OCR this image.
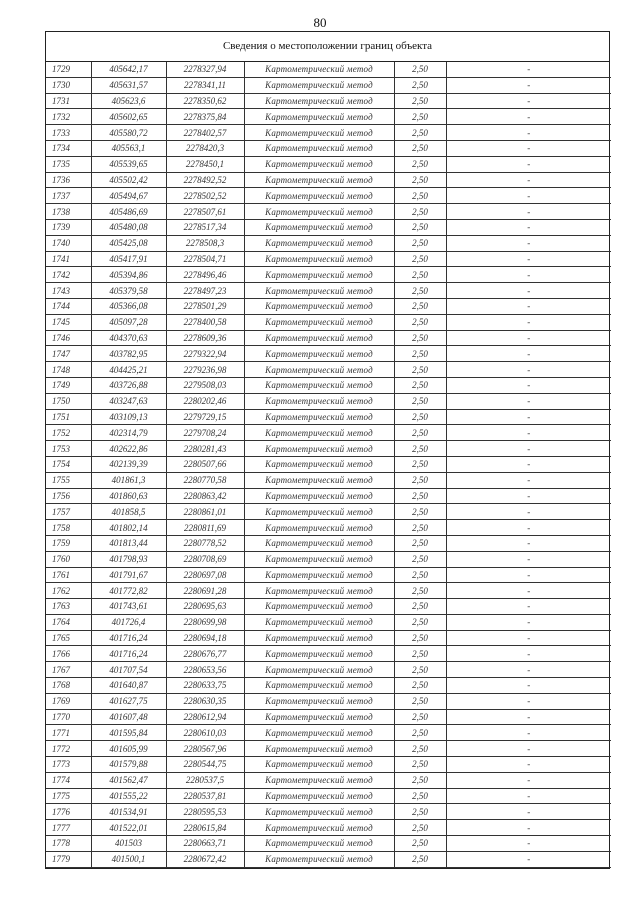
80
Сведения о местоположении границ объекта
1729	405642,17	2278327,94	Картометрический метод	2,50	-
1730	405631,57	2278341,11	Картометрический метод	2,50	-
1731	405623,6	2278350,62	Картометрический метод	2,50	-
1732	405602,65	2278375,84	Картометрический метод	2,50	-
1733	405580,72	2278402,57	Картометрический метод	2,50	-
1734	405563,1	2278420,3	Картометрический метод	2,50	-
1735	405539,65	2278450,1	Картометрический метод	2,50	-
1736	405502,42	2278492,52	Картометрический метод	2,50	-
1737	405494,67	2278502,52	Картометрический метод	2,50	-
1738	405486,69	2278507,61	Картометрический метод	2,50	-
1739	405480,08	2278517,34	Картометрический метод	2,50	-
1740	405425,08	2278508,3	Картометрический метод	2,50	-
1741	405417,91	2278504,71	Картометрический метод	2,50	-
1742	405394,86	2278496,46	Картометрический метод	2,50	-
1743	405379,58	2278497,23	Картометрический метод	2,50	-
1744	405366,08	2278501,29	Картометрический метод	2,50	-
1745	405097,28	2278400,58	Картометрический метод	2,50	-
1746	404370,63	2278609,36	Картометрический метод	2,50	-
1747	403782,95	2279322,94	Картометрический метод	2,50	-
1748	404425,21	2279236,98	Картометрический метод	2,50	-
1749	403726,88	2279508,03	Картометрический метод	2,50	-
1750	403247,63	2280202,46	Картометрический метод	2,50	-
1751	403109,13	2279729,15	Картометрический метод	2,50	-
1752	402314,79	2279708,24	Картометрический метод	2,50	-
1753	402622,86	2280281,43	Картометрический метод	2,50	-
1754	402139,39	2280507,66	Картометрический метод	2,50	-
1755	401861,3	2280770,58	Картометрический метод	2,50	-
1756	401860,63	2280863,42	Картометрический метод	2,50	-
1757	401858,5	2280861,01	Картометрический метод	2,50	-
1758	401802,14	2280811,69	Картометрический метод	2,50	-
1759	401813,44	2280778,52	Картометрический метод	2,50	-
1760	401798,93	2280708,69	Картометрический метод	2,50	-
1761	401791,67	2280697,08	Картометрический метод	2,50	-
1762	401772,82	2280691,28	Картометрический метод	2,50	-
1763	401743,61	2280695,63	Картометрический метод	2,50	-
1764	401726,4	2280699,98	Картометрический метод	2,50	-
1765	401716,24	2280694,18	Картометрический метод	2,50	-
1766	401716,24	2280676,77	Картометрический метод	2,50	-
1767	401707,54	2280653,56	Картометрический метод	2,50	-
1768	401640,87	2280633,75	Картометрический метод	2,50	-
1769	401627,75	2280630,35	Картометрический метод	2,50	-
1770	401607,48	2280612,94	Картометрический метод	2,50	-
1771	401595,84	2280610,03	Картометрический метод	2,50	-
1772	401605,99	2280567,96	Картометрический метод	2,50	-
1773	401579,88	2280544,75	Картометрический метод	2,50	-
1774	401562,47	2280537,5	Картометрический метод	2,50	-
1775	401555,22	2280537,81	Картометрический метод	2,50	-
1776	401534,91	2280595,53	Картометрический метод	2,50	-
1777	401522,01	2280615,84	Картометрический метод	2,50	-
1778	401503	2280663,71	Картометрический метод	2,50	-
1779	401500,1	2280672,42	Картометрический метод	2,50	-
